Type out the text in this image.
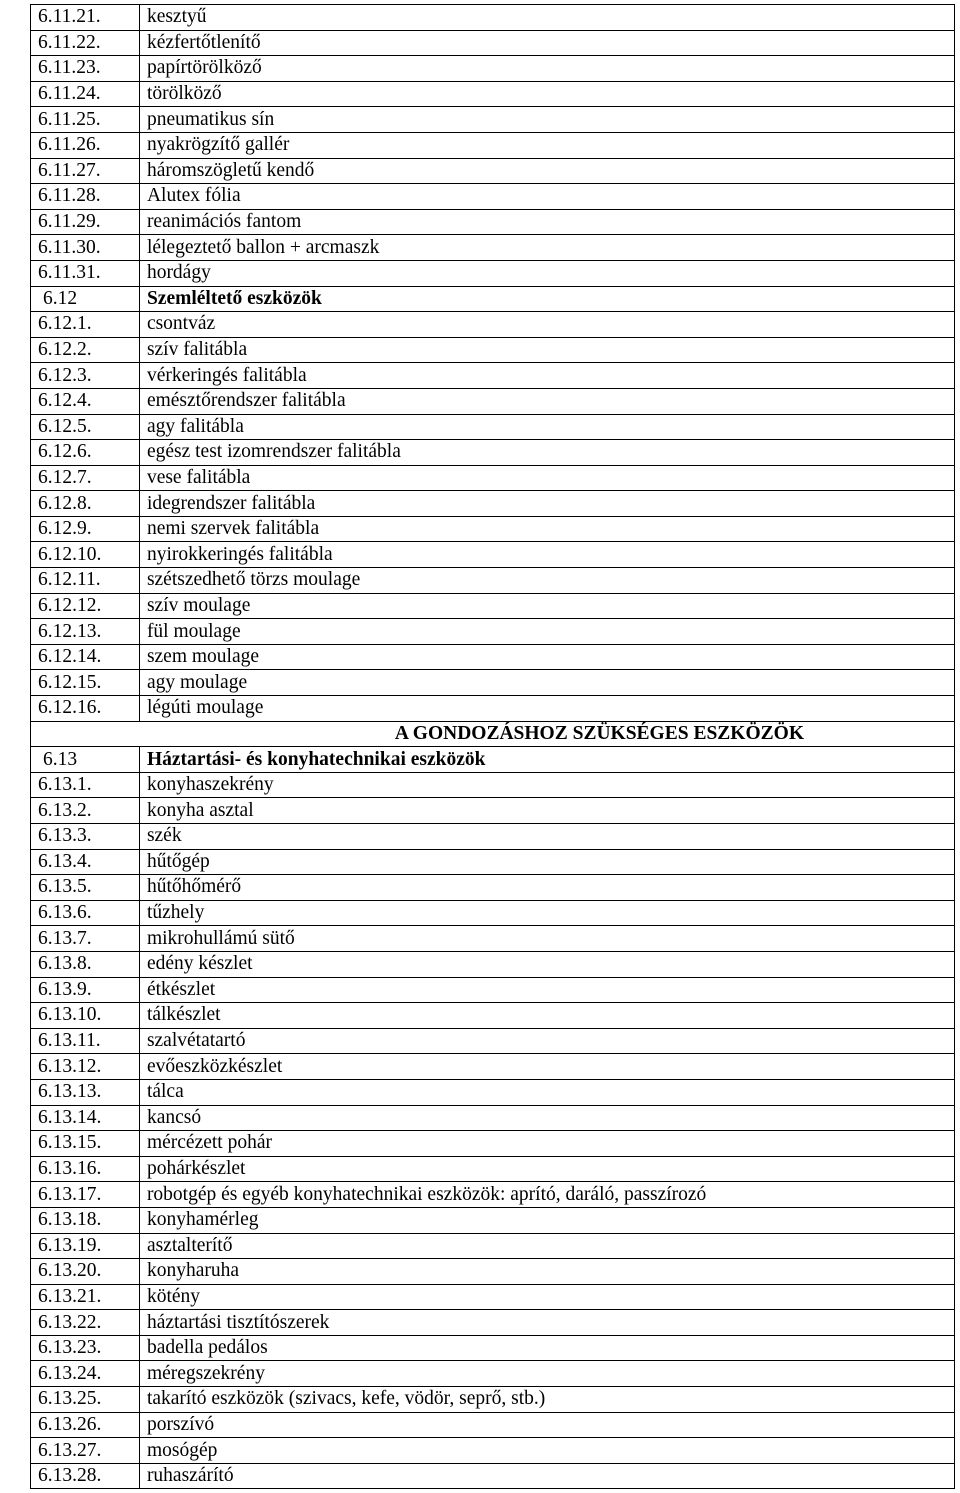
6.11.21.	kesztyű
6.11.22.	kézfertőtlenítő
6.11.23.	papírtörölköző
6.11.24.	törölköző
6.11.25.	pneumatikus sín
6.11.26.	nyakrögzítő gallér
6.11.27.	háromszögletű kendő
6.11.28.	Alutex fólia
6.11.29.	reanimációs fantom
6.11.30.	lélegeztető ballon + arcmaszk
6.11.31.	hordágy
6.12	Szemléltető eszközök
6.12.1.	csontváz
6.12.2.	szív falitábla
6.12.3.	vérkeringés falitábla
6.12.4.	emésztőrendszer falitábla
6.12.5.	agy falitábla
6.12.6.	egész test izomrendszer falitábla
6.12.7.	vese falitábla
6.12.8.	idegrendszer falitábla
6.12.9.	nemi szervek falitábla
6.12.10.	nyirokkeringés falitábla
6.12.11.	szétszedhető törzs moulage
6.12.12.	szív moulage
6.12.13.	fül moulage
6.12.14.	szem moulage
6.12.15.	agy moulage
6.12.16.	légúti moulage
A GONDOZÁSHOZ SZÜKSÉGES ESZKÖZÖK	
6.13	Háztartási- és konyhatechnikai eszközök
6.13.1.	konyhaszekrény
6.13.2.	konyha asztal
6.13.3.	szék
6.13.4.	hűtőgép
6.13.5.	hűtőhőmérő
6.13.6.	tűzhely
6.13.7.	mikrohullámú sütő
6.13.8.	edény készlet
6.13.9.	étkészlet
6.13.10.	tálkészlet
6.13.11.	szalvétatartó
6.13.12.	evőeszközkészlet
6.13.13.	tálca
6.13.14.	kancsó
6.13.15.	mércézett pohár
6.13.16.	pohárkészlet
6.13.17.	robotgép és egyéb konyhatechnikai eszközök: aprító, daráló, passzírozó
6.13.18.	konyhamérleg
6.13.19.	asztalterítő
6.13.20.	konyharuha
6.13.21.	kötény
6.13.22.	háztartási tisztítószerek
6.13.23.	badella pedálos
6.13.24.	méregszekrény
6.13.25.	takarító eszközök (szivacs, kefe, vödör, seprő, stb.)
6.13.26.	porszívó
6.13.27.	mosógép
6.13.28.	ruhaszárító
